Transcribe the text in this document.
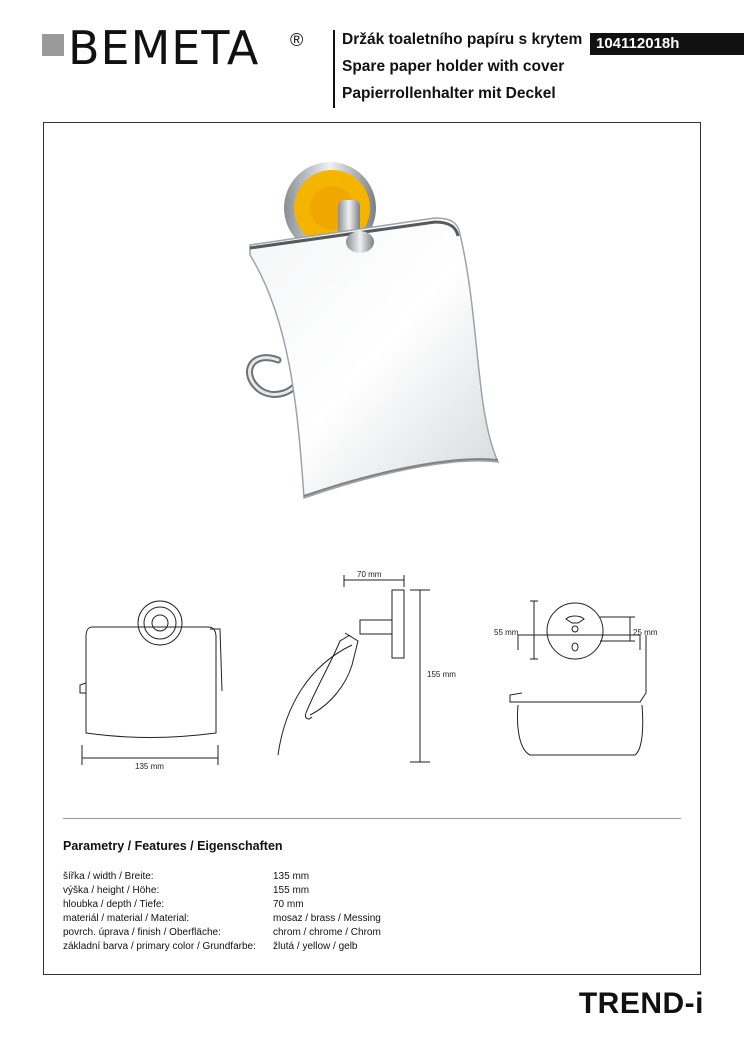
BEMETA ® Držák toaletního papíru s krytem
Spare paper holder with cover
Papierrollenhalter mit Deckel
104112018h
135 mm
70 mm
155 mm
55 mm	25 mm
Parametry / Features / Eigenschaften
šířka / width / Breite:	135 mm
výška / height / Höhe:	155 mm
hloubka / depth / Tiefe:	70 mm
materiál / material / Material:	mosaz / brass / Messing
povrch. úprava / finish / Oberfläche:	chrom / chrome / Chrom
základní barva / primary color / Grundfarbe: žlutá / yellow / gelb
TREND-i
